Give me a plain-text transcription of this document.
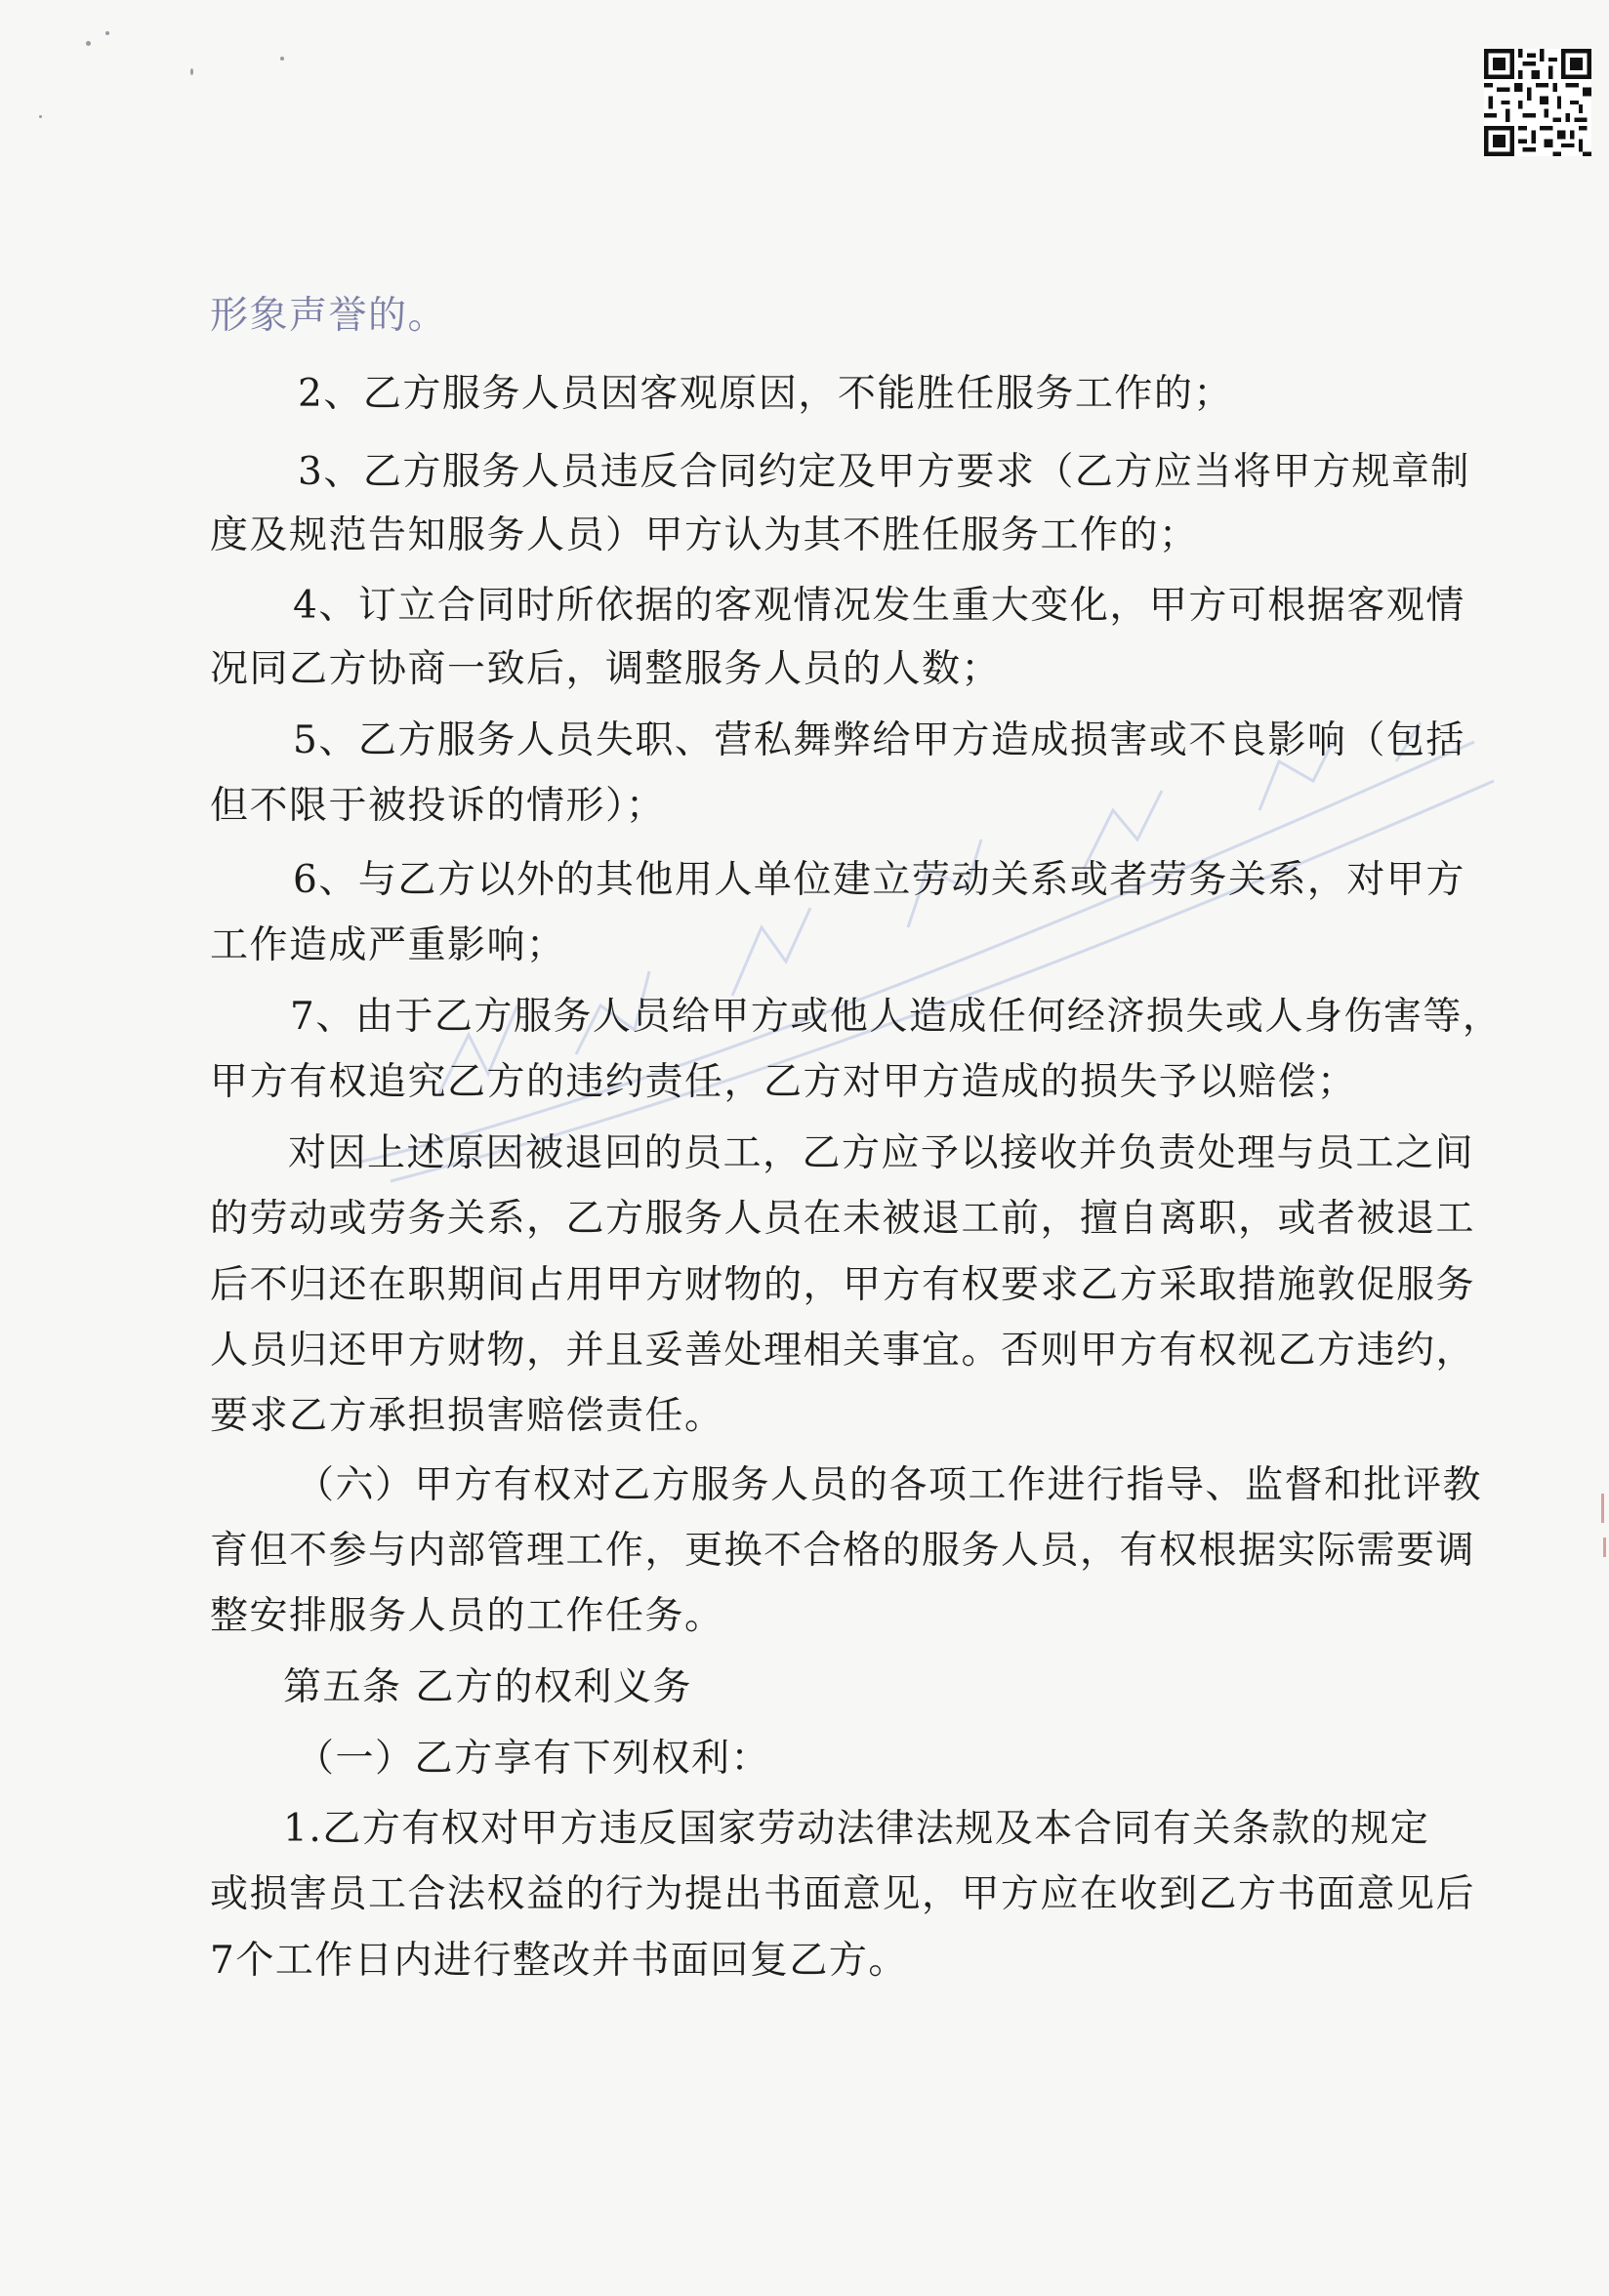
形象声誉的。
2、乙方服务人员因客观原因，不能胜任服务工作的；
3、乙方服务人员违反合同约定及甲方要求（乙方应当将甲方规章制
度及规范告知服务人员）甲方认为其不胜任服务工作的；
4、订立合同时所依据的客观情况发生重大变化，甲方可根据客观情
况同乙方协商一致后，调整服务人员的人数；
5、乙方服务人员失职、营私舞弊给甲方造成损害或不良影响（包括
但不限于被投诉的情形）；
6、与乙方以外的其他用人单位建立劳动关系或者劳务关系，对甲方
工作造成严重影响；
7、由于乙方服务人员给甲方或他人造成任何经济损失或人身伤害等，
甲方有权追究乙方的违约责任，乙方对甲方造成的损失予以赔偿；
对因上述原因被退回的员工，乙方应予以接收并负责处理与员工之间
的劳动或劳务关系，乙方服务人员在未被退工前，擅自离职，或者被退工
后不归还在职期间占用甲方财物的，甲方有权要求乙方采取措施敦促服务
人员归还甲方财物，并且妥善处理相关事宜。否则甲方有权视乙方违约，
要求乙方承担损害赔偿责任。
（六）甲方有权对乙方服务人员的各项工作进行指导、监督和批评教
育但不参与内部管理工作，更换不合格的服务人员，有权根据实际需要调
整安排服务人员的工作任务。
第五条 乙方的权利义务
（一）乙方享有下列权利：
1.乙方有权对甲方违反国家劳动法律法规及本合同有关条款的规定
或损害员工合法权益的行为提出书面意见，甲方应在收到乙方书面意见后
7个工作日内进行整改并书面回复乙方。
